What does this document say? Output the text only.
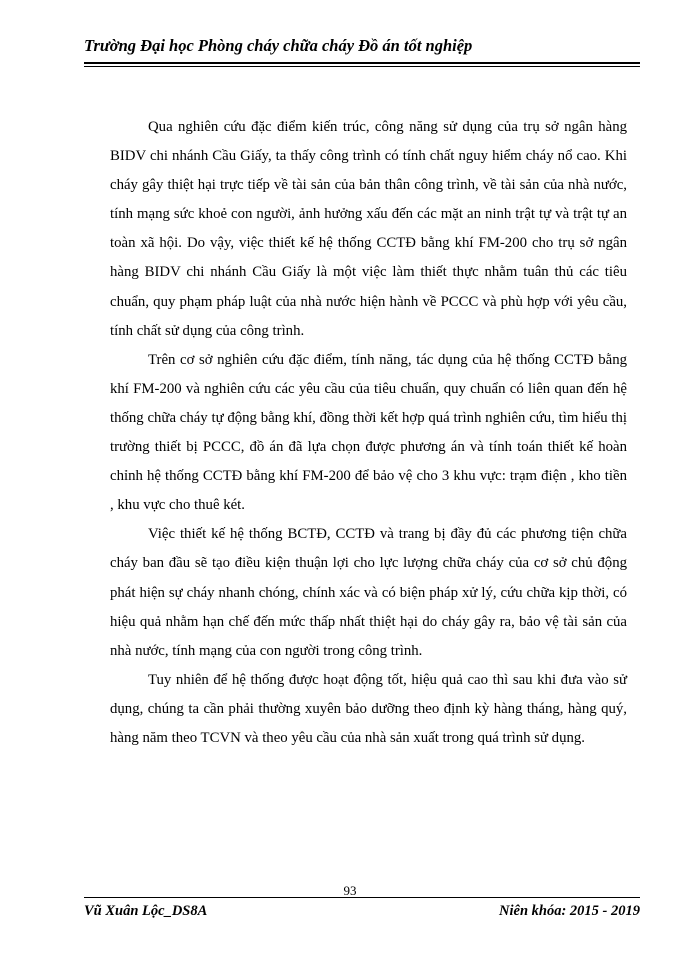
Trường Đại học Phòng cháy chữa cháy Đồ án tốt nghiệp

Qua nghiên cứu đặc điểm kiến trúc, công năng sử dụng của trụ sở ngân hàng BIDV chi nhánh Cầu Giấy, ta thấy công trình có tính chất nguy hiểm cháy nổ cao. Khi cháy gây thiệt hại trực tiếp về tài sản của bản thân công trình, về tài sản của nhà nước, tính mạng sức khoẻ con người, ảnh hưởng xấu đến các mặt an ninh trật tự và trật tự an toàn xã hội. Do vậy, việc thiết kế hệ thống CCTĐ bằng khí FM-200 cho trụ sở ngân hàng BIDV chi nhánh Cầu Giấy là một việc làm thiết thực nhằm tuân thủ các tiêu chuẩn, quy phạm pháp luật của nhà nước hiện hành về PCCC và phù hợp với yêu cầu, tính chất sử dụng của công trình.

Trên cơ sở nghiên cứu đặc điểm, tính năng, tác dụng của hệ thống CCTĐ bằng khí FM-200 và nghiên cứu các yêu cầu của tiêu chuẩn, quy chuẩn có liên quan đến hệ thống chữa cháy tự động bằng khí, đồng thời kết hợp quá trình nghiên cứu, tìm hiểu thị trường thiết bị PCCC, đồ án đã lựa chọn được phương án và tính toán thiết kế hoàn chỉnh hệ thống CCTĐ bằng khí FM-200 để bảo vệ cho 3 khu vực: trạm điện , kho tiền , khu vực cho thuê két.

Việc thiết kế hệ thống BCTĐ, CCTĐ và trang bị đầy đủ các phương tiện chữa cháy ban đầu sẽ tạo điều kiện thuận lợi cho lực lượng chữa cháy của cơ sở chủ động phát hiện sự cháy nhanh chóng, chính xác và có biện pháp xử lý, cứu chữa kịp thời, có hiệu quả nhằm hạn chế đến mức thấp nhất thiệt hại do cháy gây ra, bảo vệ tài sản của nhà nước, tính mạng của con người trong công trình.

Tuy nhiên để hệ thống được hoạt động tốt, hiệu quả cao thì sau khi đưa vào sử dụng, chúng ta cần phải thường xuyên bảo dưỡng theo định kỳ hàng tháng, hàng quý, hàng năm theo TCVN và theo yêu cầu của nhà sản xuất trong quá trình sử dụng.

93
Vũ Xuân Lộc_DS8A	Niên khóa: 2015 - 2019
